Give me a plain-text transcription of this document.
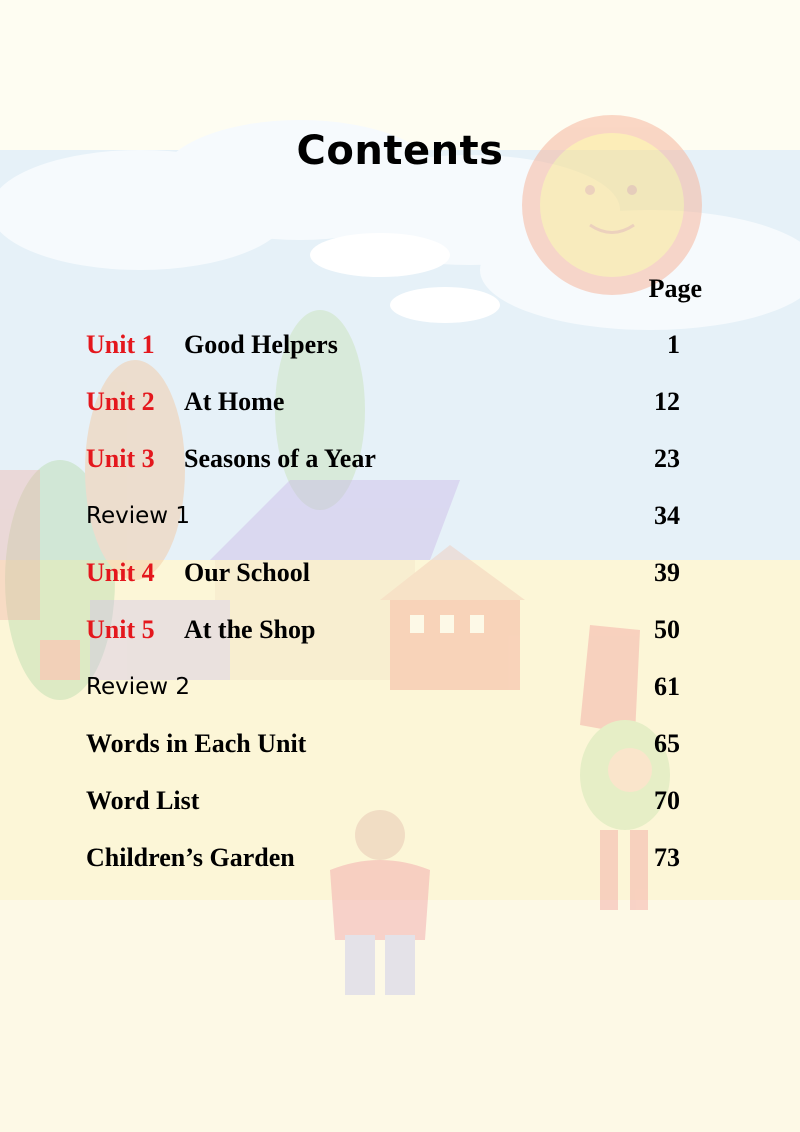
Contents
Page
Unit 1 Good Helpers	1
Unit 2 At Home	12
Unit 3 Seasons of a Year	23
Review 1	34
Unit 4 Our School	39
Unit 5 At the Shop	50
Review 2	61
Words in Each Unit	65
Word List	70
Children’s Garden	73
